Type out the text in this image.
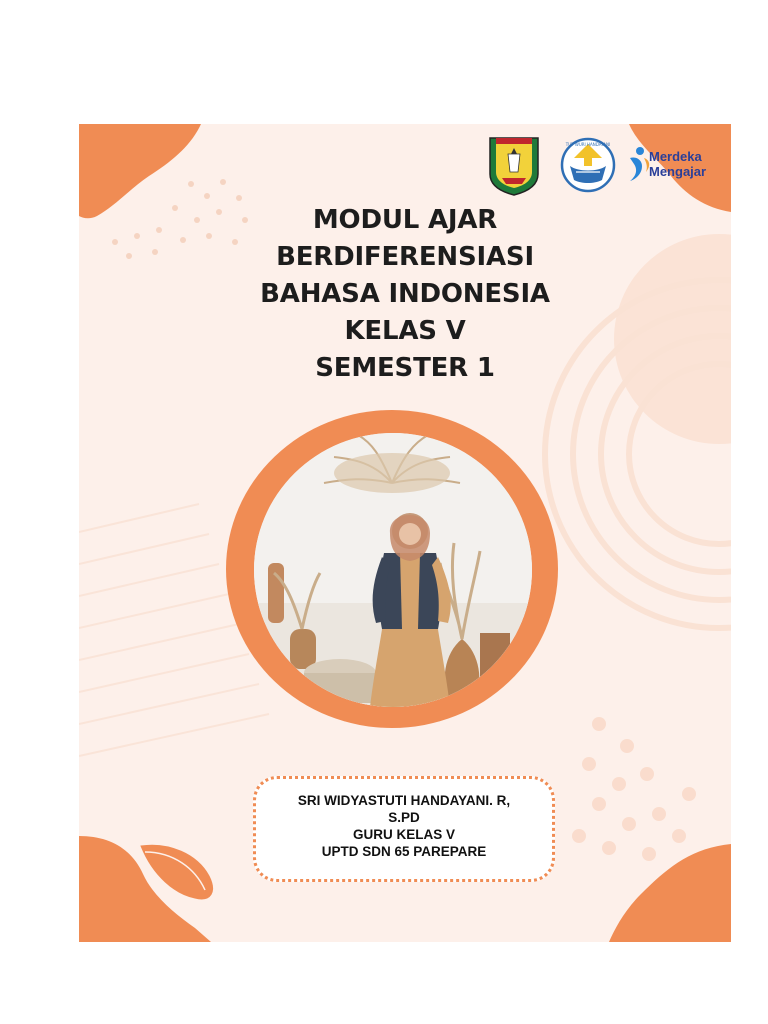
TUT WURI HANDAYANI
Merdeka
Mengajar
MODUL AJAR
BERDIFERENSIASI
BAHASA INDONESIA
KELAS V
SEMESTER 1
SRI WIDYASTUTI HANDAYANI. R,
S.PD
GURU KELAS V
UPTD SDN 65 PAREPARE
